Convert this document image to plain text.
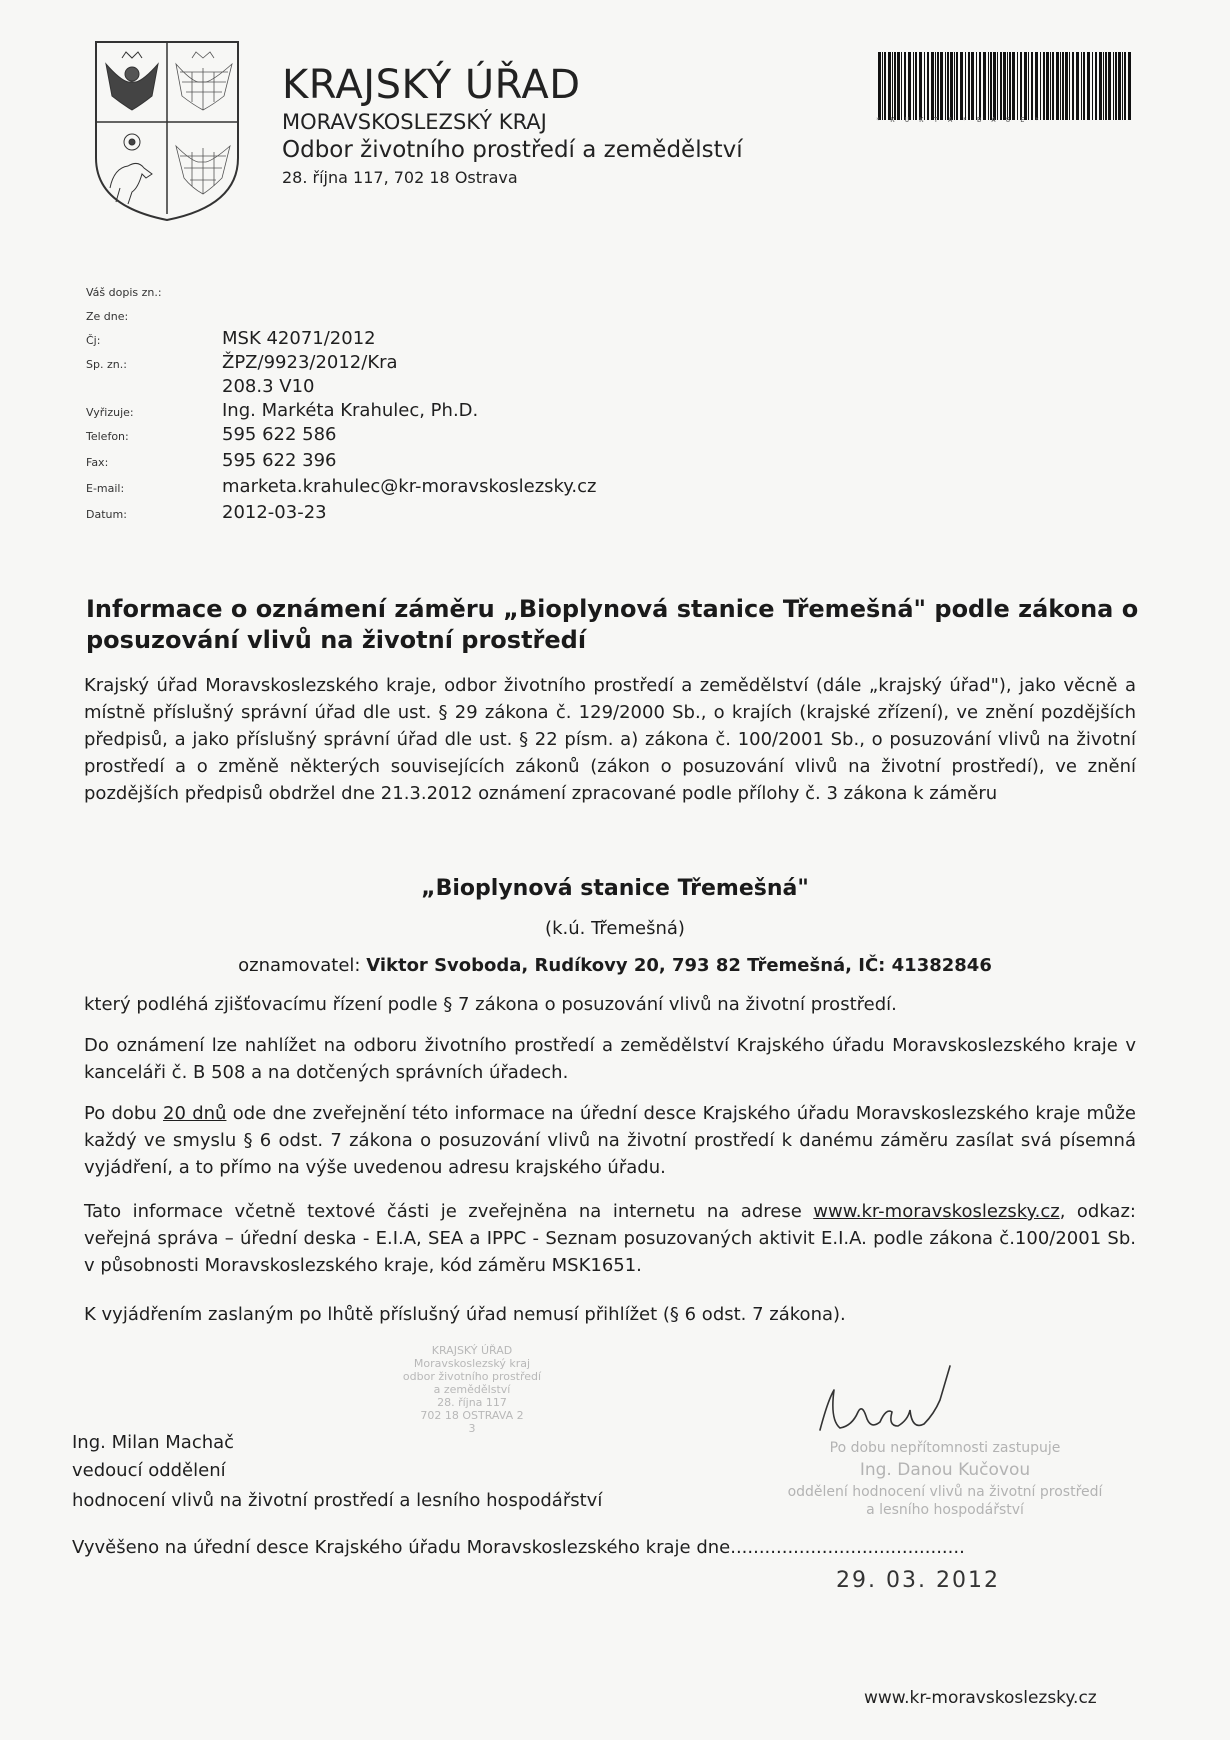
KRAJSKÝ ÚŘAD
MORAVSKOSLEZSKÝ KRAJ
Odbor životního prostředí a zemědělství
28. října 117, 702 18 Ostrava
* K U K T A * B A 8 E *
Váš dopis zn.:
Ze dne:
Čj:	MSK 42071/2012
Sp. zn.:	ŽPZ/9923/2012/Kra
208.3 V10
Vyřizuje:	Ing. Markéta Krahulec, Ph.D.
Telefon:	595 622 586
Fax:	595 622 396
E-mail:	marketa.krahulec@kr-moravskoslezsky.cz
Datum:	2012-03-23
Informace o oznámení záměru „Bioplynová stanice Třemešná" podle zákona o posuzování vlivů na životní prostředí
Krajský úřad Moravskoslezského kraje, odbor životního prostředí a zemědělství (dále „krajský úřad"), jako věcně a místně příslušný správní úřad dle ust. § 29 zákona č. 129/2000 Sb., o krajích (krajské zřízení), ve znění pozdějších předpisů, a jako příslušný správní úřad dle ust. § 22 písm. a) zákona č. 100/2001 Sb., o posuzování vlivů na životní prostředí a o změně některých souvisejících zákonů (zákon o posuzování vlivů na životní prostředí), ve znění pozdějších předpisů obdržel dne 21.3.2012 oznámení zpracované podle přílohy č. 3 zákona k záměru
„Bioplynová stanice Třemešná"
(k.ú. Třemešná)
oznamovatel: Viktor Svoboda, Rudíkovy 20, 793 82 Třemešná, IČ: 41382846
který podléhá zjišťovacímu řízení podle § 7 zákona o posuzování vlivů na životní prostředí.
Do oznámení lze nahlížet na odboru životního prostředí a zemědělství Krajského úřadu Moravskoslezského kraje v kanceláři č. B 508 a na dotčených správních úřadech.
Po dobu 20 dnů ode dne zveřejnění této informace na úřední desce Krajského úřadu Moravskoslezského kraje může každý ve smyslu § 6 odst. 7 zákona o posuzování vlivů na životní prostředí k danému záměru zasílat svá písemná vyjádření, a to přímo na výše uvedenou adresu krajského úřadu.
Tato informace včetně textové části je zveřejněna na internetu na adrese www.kr-moravskoslezsky.cz, odkaz: veřejná správa – úřední deska - E.I.A, SEA a IPPC - Seznam posuzovaných aktivit E.I.A. podle zákona č.100/2001 Sb. v působnosti Moravskoslezského kraje, kód záměru MSK1651.
K vyjádřením zaslaným po lhůtě příslušný úřad nemusí přihlížet (§ 6 odst. 7 zákona).
KRAJSKÝ ÚŘAD
Moravskoslezský kraj
odbor životního prostředí
a zemědělství
28. října 117
702 18 OSTRAVA 2
3
Ing. Milan Machač
vedoucí oddělení
hodnocení vlivů na životní prostředí a lesního hospodářství
Po dobu nepřítomnosti zastupuje
Ing. Danou Kučovou
oddělení hodnocení vlivů na životní prostředí
a lesního hospodářství
Vyvěšeno na úřední desce Krajského úřadu Moravskoslezského kraje dne.........................................
29. 03. 2012
www.kr-moravskoslezsky.cz
